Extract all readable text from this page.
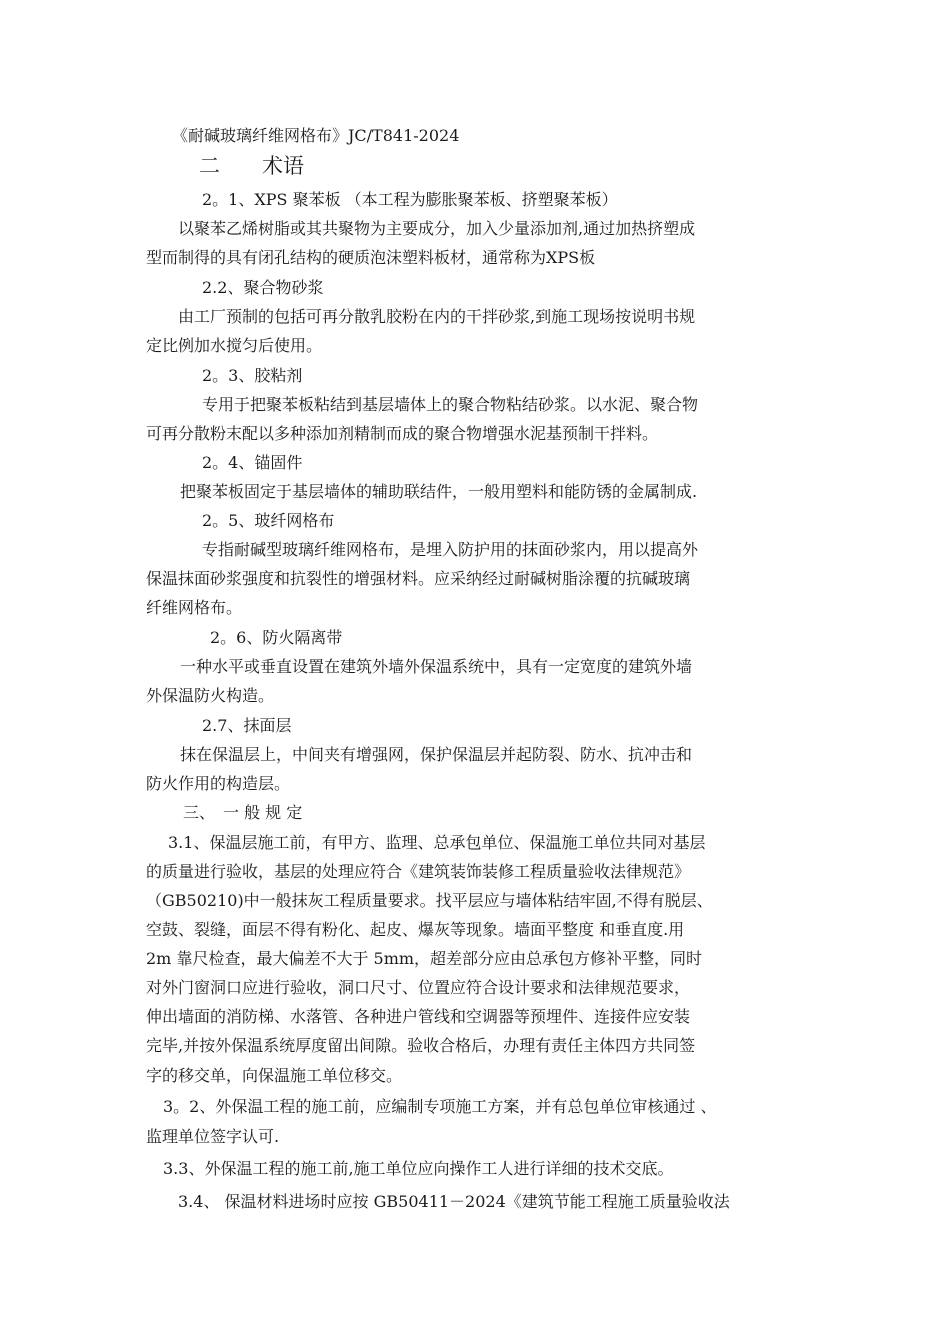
《耐碱玻璃纤维网格布》JC/T841-2024
二　　术语
2。1、XPS 聚苯板 （本工程为膨胀聚苯板、挤塑聚苯板）
以聚苯乙烯树脂或其共聚物为主要成分，加入少量添加剂,通过加热挤塑成
型而制得的具有闭孔结构的硬质泡沫塑料板材，通常称为XPS板
2.2、聚合物砂浆
由工厂预制的包括可再分散乳胶粉在内的干拌砂浆,到施工现场按说明书规
定比例加水搅匀后使用。
2。3、胶粘剂
专用于把聚苯板粘结到基层墙体上的聚合物粘结砂浆。以水泥、聚合物
可再分散粉末配以多种添加剂精制而成的聚合物增强水泥基预制干拌料。
2。4、锚固件
把聚苯板固定于基层墙体的辅助联结件，一般用塑料和能防锈的金属制成.
2。5、玻纤网格布
专指耐碱型玻璃纤维网格布，是埋入防护用的抹面砂浆内，用以提高外
保温抹面砂浆强度和抗裂性的增强材料。应采纳经过耐碱树脂涂覆的抗碱玻璃
纤维网格布。
2。6、防火隔离带
一种水平或垂直设置在建筑外墙外保温系统中，具有一定宽度的建筑外墙
外保温防火构造。
2.7、抹面层
抹在保温层上，中间夹有增强网，保护保温层并起防裂、防水、抗冲击和
防火作用的构造层。
三、　一 般 规 定
3.1、保温层施工前，有甲方、监理、总承包单位、保温施工单位共同对基层
的质量进行验收，基层的处理应符合《建筑装饰装修工程质量验收法律规范》
（GB50210)中一般抹灰工程质量要求。找平层应与墙体粘结牢固,不得有脱层、
空鼓、裂缝，面层不得有粉化、起皮、爆灰等现象。墙面平整度 和垂直度.用
2m 靠尺检查，最大偏差不大于 5mm，超差部分应由总承包方修补平整，同时
对外门窗洞口应进行验收，洞口尺寸、位置应符合设计要求和法律规范要求，
伸出墙面的消防梯、水落管、各种进户管线和空调器等预埋件、连接件应安装
完毕,并按外保温系统厚度留出间隙。验收合格后，办理有责任主体四方共同签
字的移交单，向保温施工单位移交。
3。2、外保温工程的施工前，应编制专项施工方案，并有总包单位审核通过 、
监理单位签字认可.
3.3、外保温工程的施工前,施工单位应向操作工人进行详细的技术交底。
3.4、 保温材料进场时应按 GB50411－2024《建筑节能工程施工质量验收法
